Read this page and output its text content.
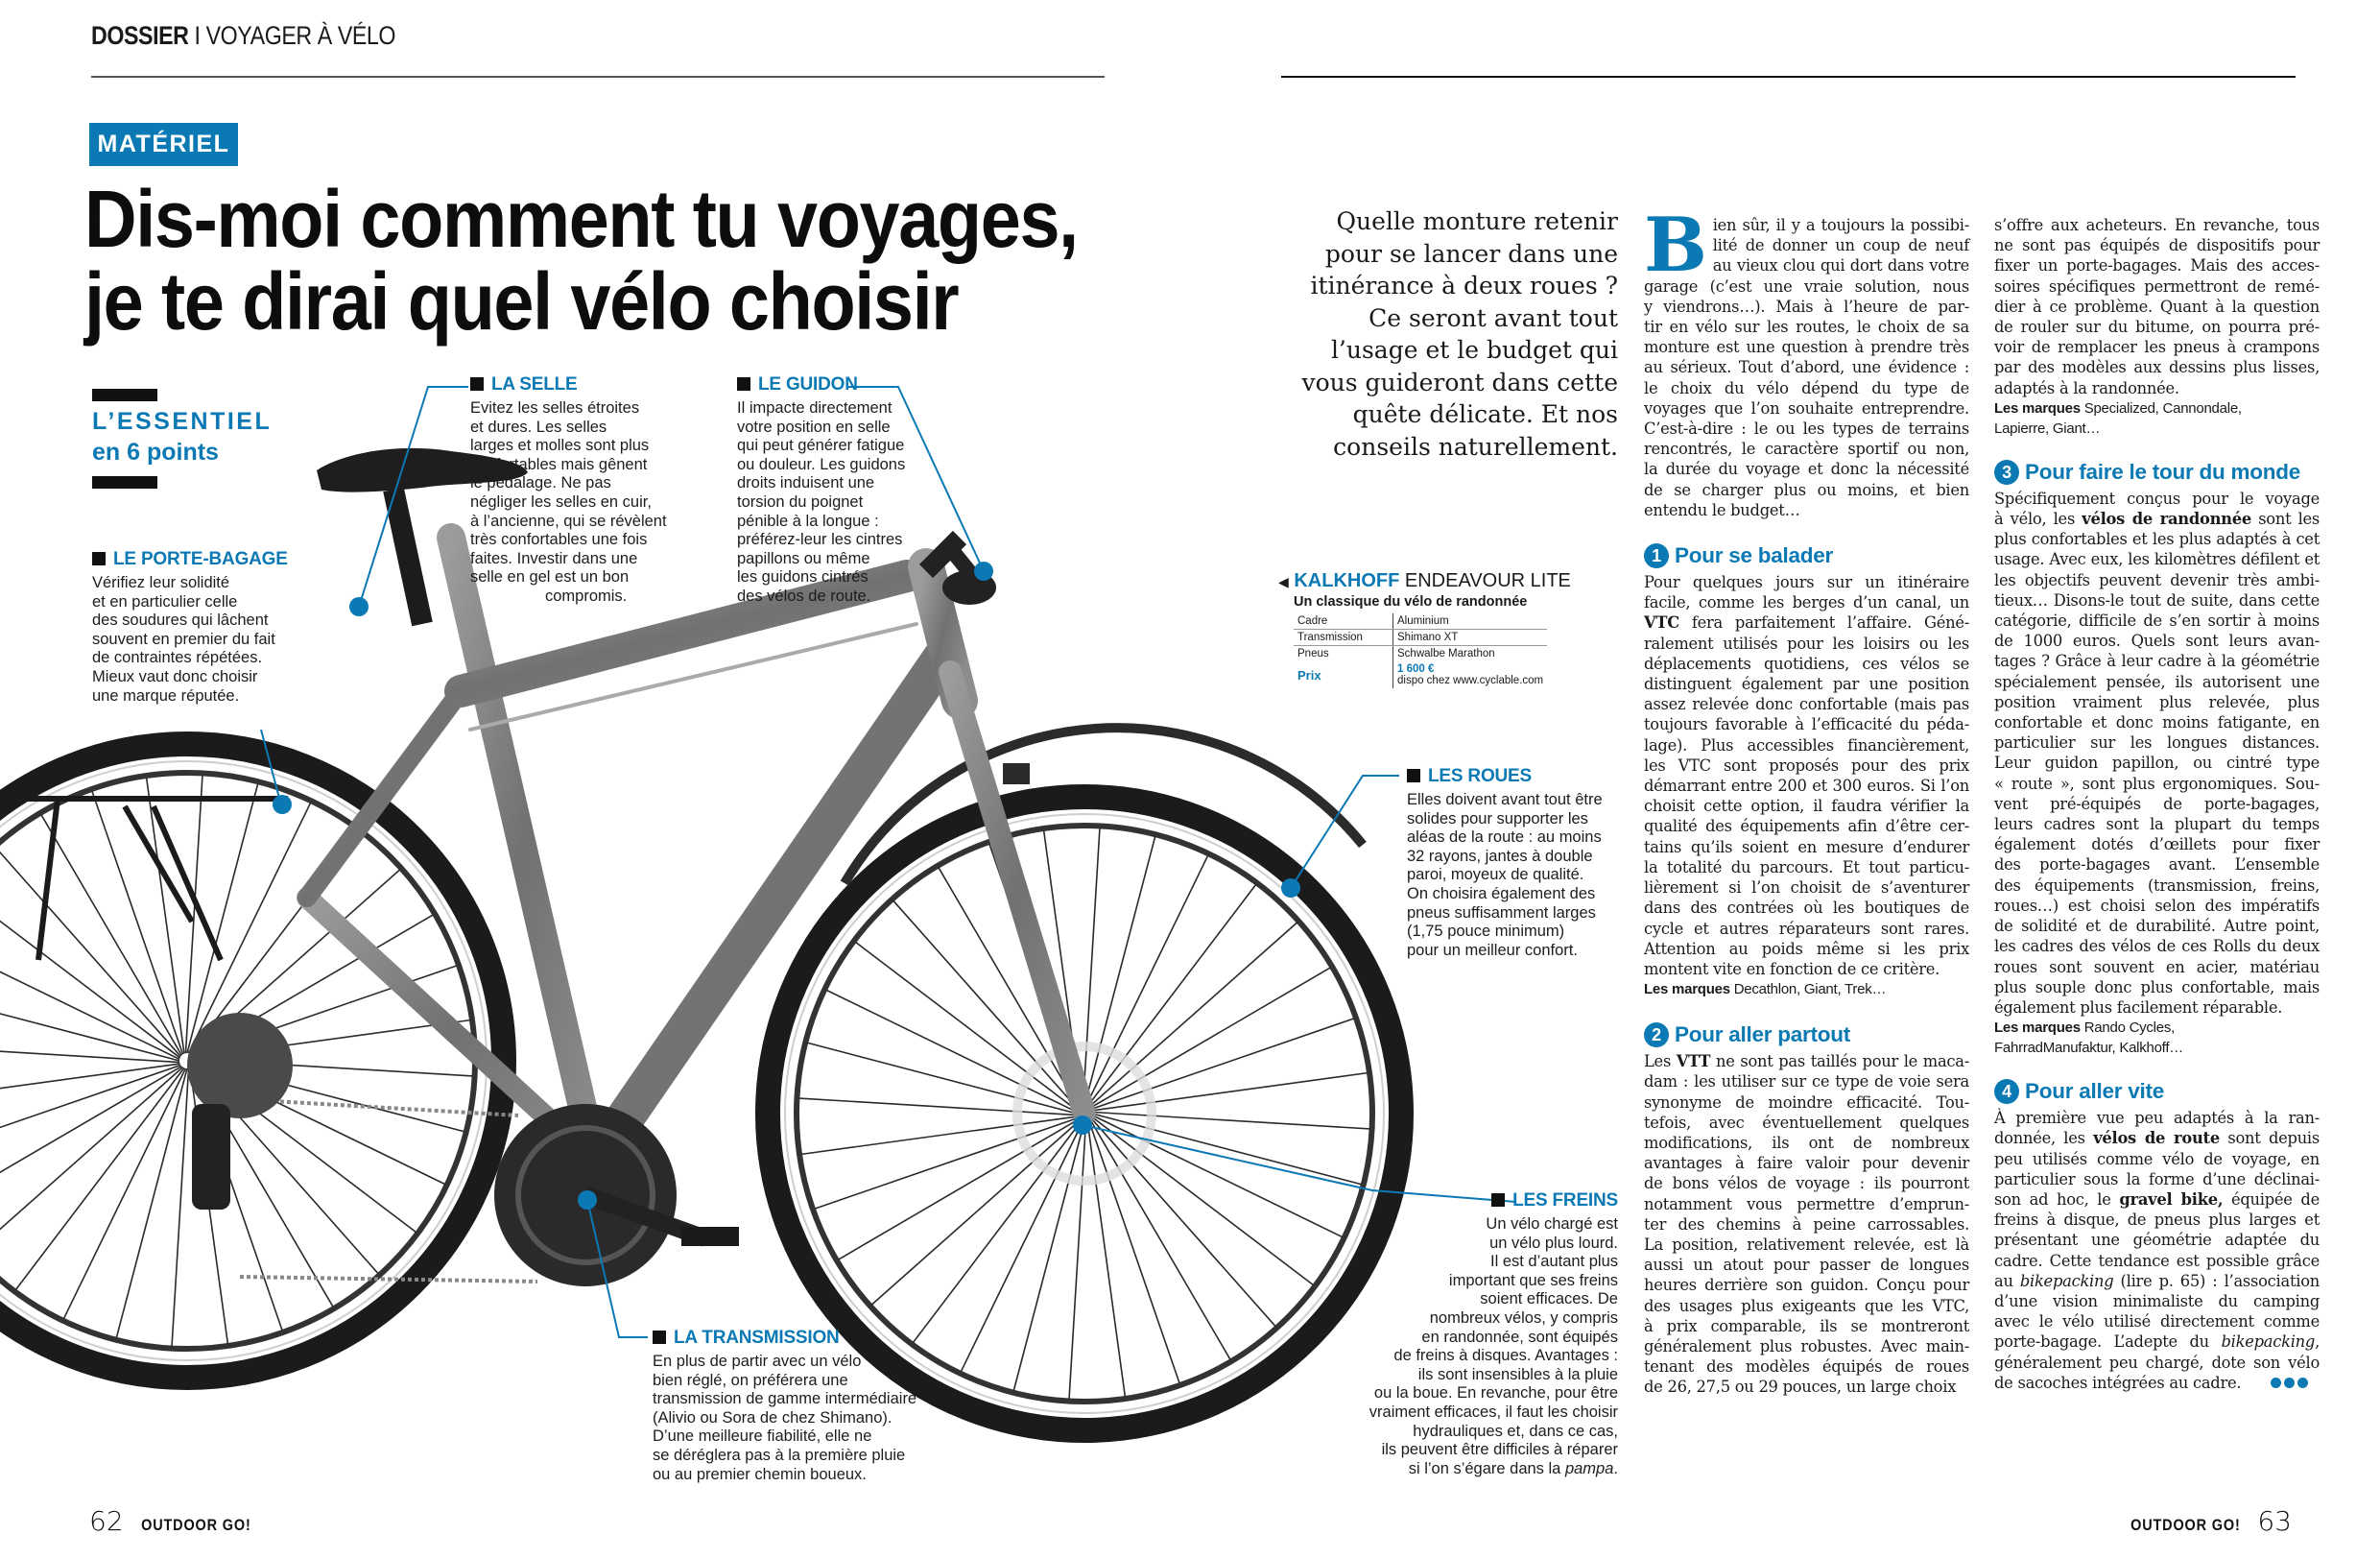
DOSSIER I VOYAGER À VÉLO
MATÉRIEL
Dis-moi comment tu voyages,
je te dirai quel vélo choisir
L’ESSENTIEL
en 6 points
LE PORTE-BAGAGE

Vérifiez leur solidité

et en particulier celle

des soudures qui lâchent

souvent en premier du fait

de contraintes répétées.

Mieux vaut donc choisir

une marque réputée.

LA SELLE

Evitez les selles étroites

et dures. Les selles

larges et molles sont plus

confortables mais gênent

le pédalage. Ne pas

négliger les selles en cuir,

à l’ancienne, qui se révèlent

très confortables une fois

faites. Investir dans une

selle en gel est un bon

compromis.

LE GUIDON

Il impacte directement

votre position en selle

qui peut générer fatigue

ou douleur. Les guidons

droits induisent une

torsion du poignet

pénible à la longue :

préférez-leur les cintres

papillons ou même

les guidons cintrés

des vélos de route.

LES ROUES

Elles doivent avant tout être

solides pour supporter les

aléas de la route : au moins

32 rayons, jantes à double

paroi, moyeux de qualité.

On choisira également des

pneus suffisamment larges

(1,75 pouce minimum)

pour un meilleur confort.

LES FREINS

Un vélo chargé est

un vélo plus lourd.

Il est d’autant plus

important que ses freins

soient efficaces. De

nombreux vélos, y compris

en randonnée, sont équipés

de freins à disques. Avantages :

ils sont insensibles à la pluie

ou la boue. En revanche, pour être

vraiment efficaces, il faut les choisir

hydrauliques et, dans ce cas,

ils peuvent être difficiles à réparer

si l’on s’égare dans la pampa.

LA TRANSMISSION

En plus de partir avec un vélo

bien réglé, on préférera une

transmission de gamme intermédiaire

(Alivio ou Sora de chez Shimano).

D’une meilleure fiabilité, elle ne

se déréglera pas à la première pluie

ou au premier chemin boueux.

Quelle monture retenir

pour se lancer dans une

itinérance à deux roues ?

Ce seront avant tout

l’usage et le budget qui

vous guideront dans cette

quête délicate. Et nos

conseils naturellement.

◀ KALKHOFF ENDEAVOUR LITE
Un classique du vélo de randonnée
Cadre	Aluminium
Transmission	Shimano XT
Pneus	Schwalbe Marathon
Prix	1 600 €
dispo chez www.cyclable.com
B ien sûr, il y a toujours la possibi-
lité de donner un coup de neuf
au vieux clou qui dort dans votre
garage (c’est une vraie solution, nous
y viendrons…). Mais à l’heure de par-
tir en vélo sur les routes, le choix de sa
monture est une question à prendre très
au sérieux. Tout d’abord, une évidence :
le choix du vélo dépend du type de
voyages que l’on souhaite entreprendre.
C’est-à-dire : le ou les types de terrains
rencontrés, le caractère sportif ou non,
la durée du voyage et donc la nécessité
de se charger plus ou moins, et bien
entendu le budget…
1 Pour se balader
Pour quelques jours sur un itinéraire
facile, comme les berges d’un canal, un
VTC fera parfaitement l’affaire. Géné-
ralement utilisés pour les loisirs ou les
déplacements quotidiens, ces vélos se
distinguent également par une position
assez relevée donc confortable (mais pas
toujours favorable à l’efficacité du péda-
lage). Plus accessibles financièrement,
les VTC sont proposés pour des prix
démarrant entre 200 et 300 euros. Si l’on
choisit cette option, il faudra vérifier la
qualité des équipements afin d’être cer-
tains qu’ils soient en mesure d’endurer
la totalité du parcours. Et tout particu-
lièrement si l’on choisit de s’aventurer
dans des contrées où les boutiques de
cycle et autres réparateurs sont rares.
Attention au poids même si les prix
montent vite en fonction de ce critère.
Les marques Decathlon, Giant, Trek…
2 Pour aller partout
Les VTT ne sont pas taillés pour le maca-
dam : les utiliser sur ce type de voie sera
synonyme de moindre efficacité. Tou-
tefois, avec éventuellement quelques
modifications, ils ont de nombreux
avantages à faire valoir pour devenir
de bons vélos de voyage : ils pourront
notamment vous permettre d’emprun-
ter des chemins à peine carrossables.
La position, relativement relevée, est là
aussi un atout pour passer de longues
heures derrière son guidon. Conçu pour
des usages plus exigeants que les VTC,
à prix comparable, ils se montreront
généralement plus robustes. Avec main-
tenant des modèles équipés de roues
de 26, 27,5 ou 29 pouces, un large choix
s’offre aux acheteurs. En revanche, tous
ne sont pas équipés de dispositifs pour
fixer un porte-bagages. Mais des acces-
soires spécifiques permettront de remé-
dier à ce problème. Quant à la question
de rouler sur du bitume, on pourra pré-
voir de remplacer les pneus à crampons
par des modèles aux dessins plus lisses,
adaptés à la randonnée.
Les marques Specialized, Cannondale,
Lapierre, Giant…
3 Pour faire le tour du monde
Spécifiquement conçus pour le voyage
à vélo, les vélos de randonnée sont les
plus confortables et les plus adaptés à cet
usage. Avec eux, les kilomètres défilent et
les objectifs peuvent devenir très ambi-
tieux… Disons-le tout de suite, dans cette
catégorie, difficile de s’en sortir à moins
de 1000 euros. Quels sont leurs avan-
tages ? Grâce à leur cadre à la géométrie
spécialement pensée, ils autorisent une
position vraiment plus relevée, plus
confortable et donc moins fatigante, en
particulier sur les longues distances.
Leur guidon papillon, ou cintré type
« route », sont plus ergonomiques. Sou-
vent pré-équipés de porte-bagages,
leurs cadres sont la plupart du temps
également dotés d’œillets pour fixer
des porte-bagages avant. L’ensemble
des équipements (transmission, freins,
roues…) est choisi selon des impératifs
de solidité et de durabilité. Autre point,
les cadres des vélos de ces Rolls du deux
roues sont souvent en acier, matériau
plus souple donc plus confortable, mais
également plus facilement réparable.
Les marques Rando Cycles,
FahrradManufaktur, Kalkhoff…
4 Pour aller vite
À première vue peu adaptés à la ran-
donnée, les vélos de route sont depuis
peu utilisés comme vélo de voyage, en
particulier sous la forme d’une déclinai-
son ad hoc, le gravel bike, équipée de
freins à disque, de pneus plus larges et
présentant une géométrie adaptée du
cadre. Cette tendance est possible grâce
au bikepacking (lire p. 65) : l’association
d’une vision minimaliste du camping
avec le vélo utilisé directement comme
porte-bagage. L’adepte du bikepacking,
généralement peu chargé, dote son vélo
de sacoches intégrées au cadre.
62 OUTDOOR GO!	OUTDOOR GO! 63
